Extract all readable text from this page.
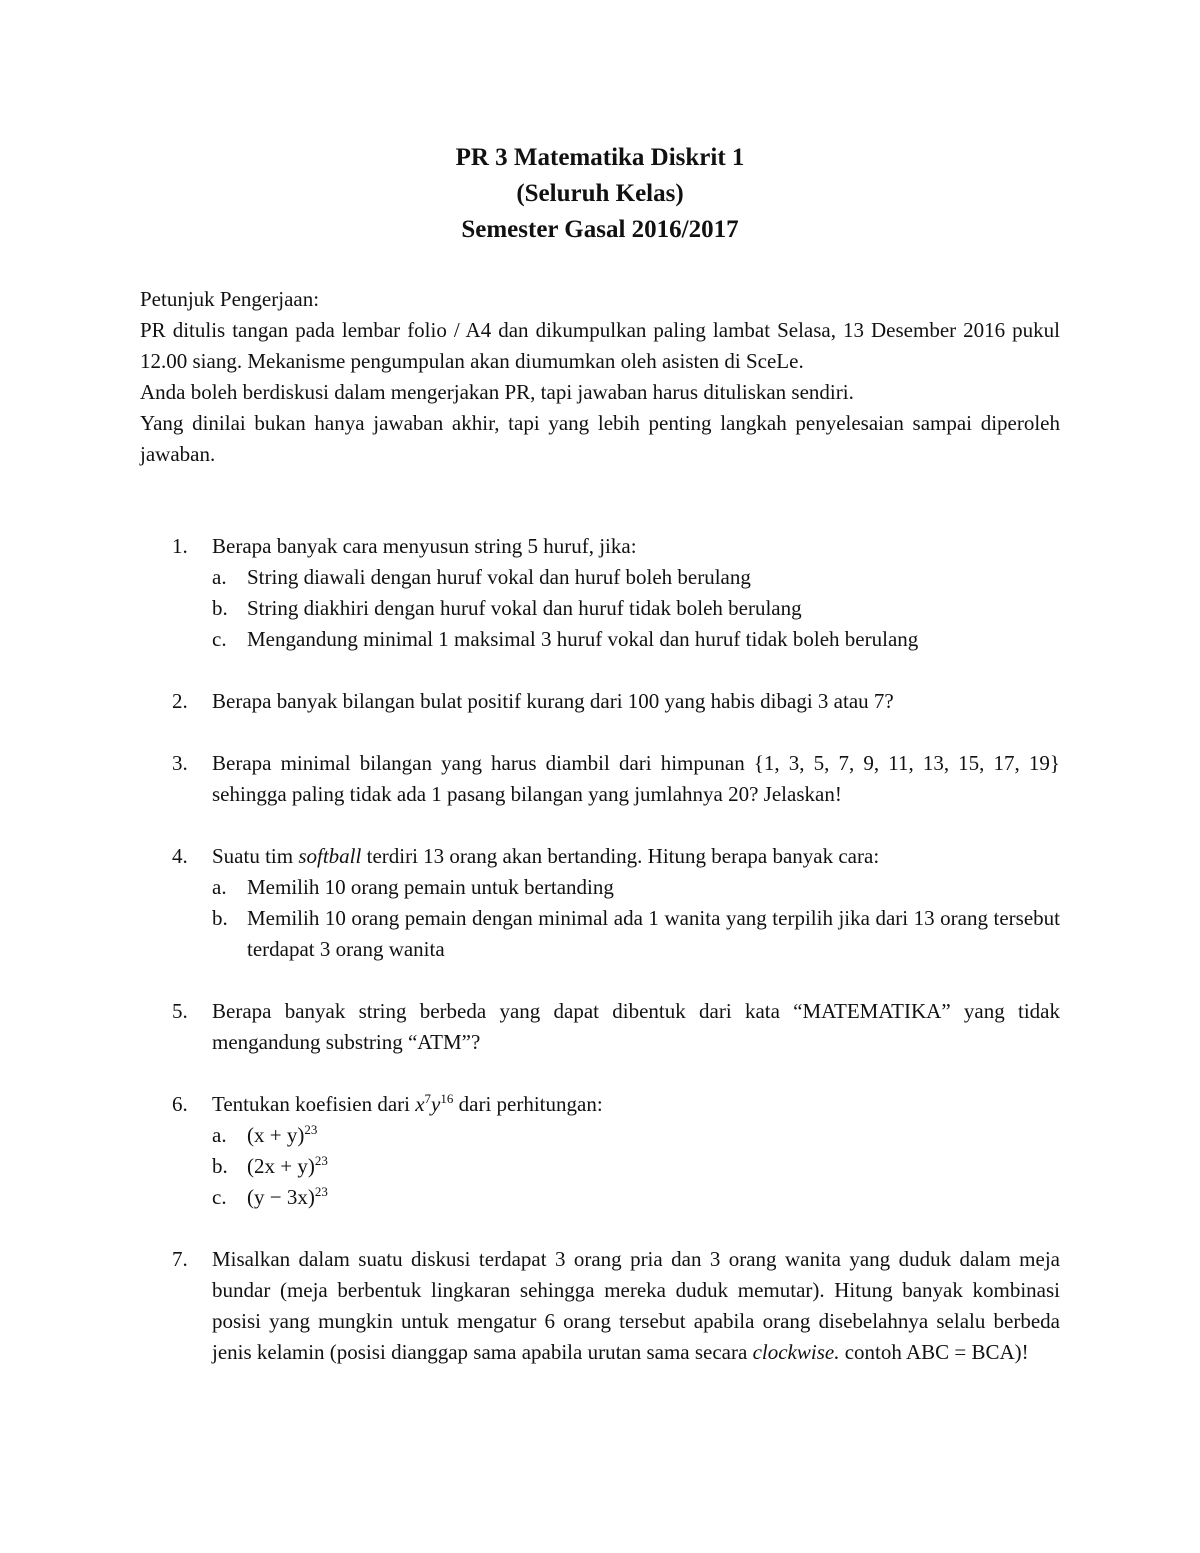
PR 3 Matematika Diskrit 1
(Seluruh Kelas)
Semester Gasal 2016/2017
Petunjuk Pengerjaan:
PR ditulis tangan pada lembar folio / A4 dan dikumpulkan paling lambat Selasa, 13 Desember 2016 pukul 12.00 siang. Mekanisme pengumpulan akan diumumkan oleh asisten di SceLe.
Anda boleh berdiskusi dalam mengerjakan PR, tapi jawaban harus dituliskan sendiri.
Yang dinilai bukan hanya jawaban akhir, tapi yang lebih penting langkah penyelesaian sampai diperoleh jawaban.
1. Berapa banyak cara menyusun string 5 huruf, jika:
a. String diawali dengan huruf vokal dan huruf boleh berulang
b. String diakhiri dengan huruf vokal dan huruf tidak boleh berulang
c. Mengandung minimal 1 maksimal 3 huruf vokal dan huruf tidak boleh berulang
2. Berapa banyak bilangan bulat positif kurang dari 100 yang habis dibagi 3 atau 7?
3. Berapa minimal bilangan yang harus diambil dari himpunan {1, 3, 5, 7, 9, 11, 13, 15, 17, 19} sehingga paling tidak ada 1 pasang bilangan yang jumlahnya 20? Jelaskan!
4. Suatu tim softball terdiri 13 orang akan bertanding. Hitung berapa banyak cara:
a. Memilih 10 orang pemain untuk bertanding
b. Memilih 10 orang pemain dengan minimal ada 1 wanita yang terpilih jika dari 13 orang tersebut terdapat 3 orang wanita
5. Berapa banyak string berbeda yang dapat dibentuk dari kata “MATEMATIKA” yang tidak mengandung substring “ATM”?
6. Tentukan koefisien dari $x^7y^{16}$ dari perhitungan:
a. $(x + y)^{23}$
b. $(2x + y)^{23}$
c. $(y - 3x)^{23}$
7. Misalkan dalam suatu diskusi terdapat 3 orang pria dan 3 orang wanita yang duduk dalam meja bundar (meja berbentuk lingkaran sehingga mereka duduk memutar). Hitung banyak kombinasi posisi yang mungkin untuk mengatur 6 orang tersebut apabila orang disebelahnya selalu berbeda jenis kelamin (posisi dianggap sama apabila urutan sama secara clockwise. contoh ABC = BCA)!
